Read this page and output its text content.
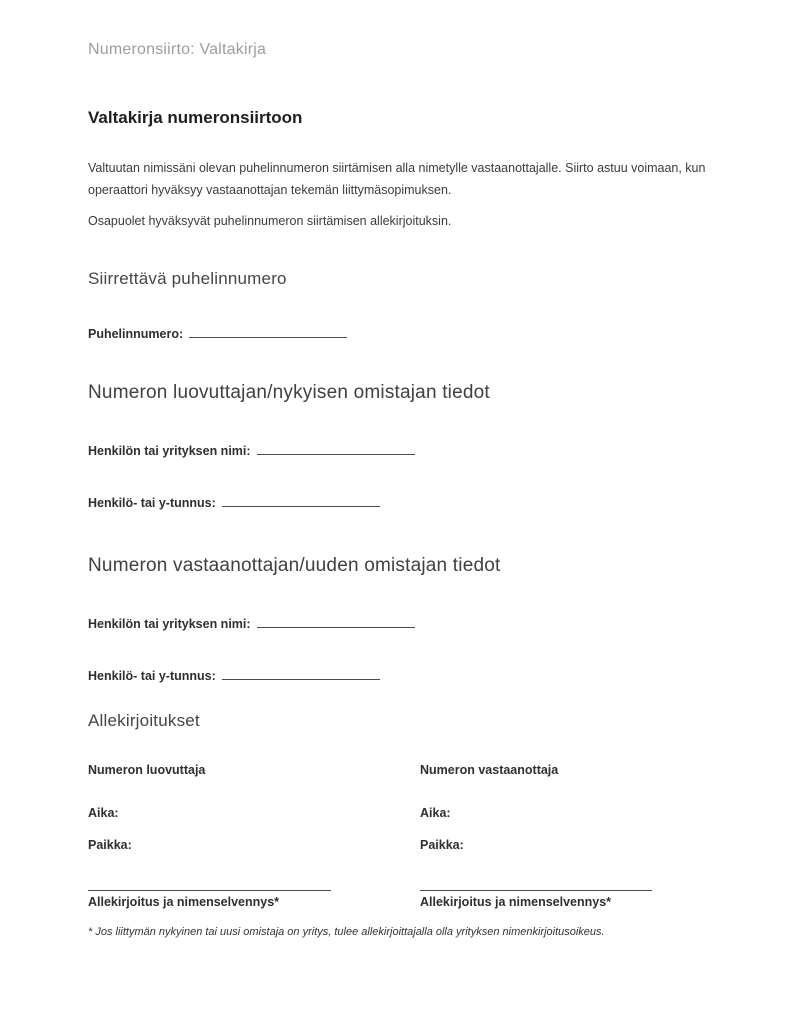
Numeronsiirto: Valtakirja
Valtakirja numeronsiirtoon

Valtuutan nimissäni olevan puhelinnumeron siirtämisen alla nimetylle vastaanottajalle. Siirto astuu voimaan, kun operaattori hyväksyy vastaanottajan tekemän liittymäsopimuksen.

Osapuolet hyväksyvät puhelinnumeron siirtämisen allekirjoituksin.

Siirrettävä puhelinnumero
Puhelinnumero:
Numeron luovuttajan/nykyisen omistajan tiedot
Henkilön tai yrityksen nimi:
Henkilö- tai y-tunnus:
Numeron vastaanottajan/uuden omistajan tiedot
Henkilön tai yrityksen nimi:
Henkilö- tai y-tunnus:
Allekirjoitukset
Numeron luovuttaja
Aika:
Paikka:
Allekirjoitus ja nimenselvennys*
Numeron vastaanottaja
Aika:
Paikka:
Allekirjoitus ja nimenselvennys*
* Jos liittymän nykyinen tai uusi omistaja on yritys, tulee allekirjoittajalla olla yrityksen nimenkirjoitusoikeus.
